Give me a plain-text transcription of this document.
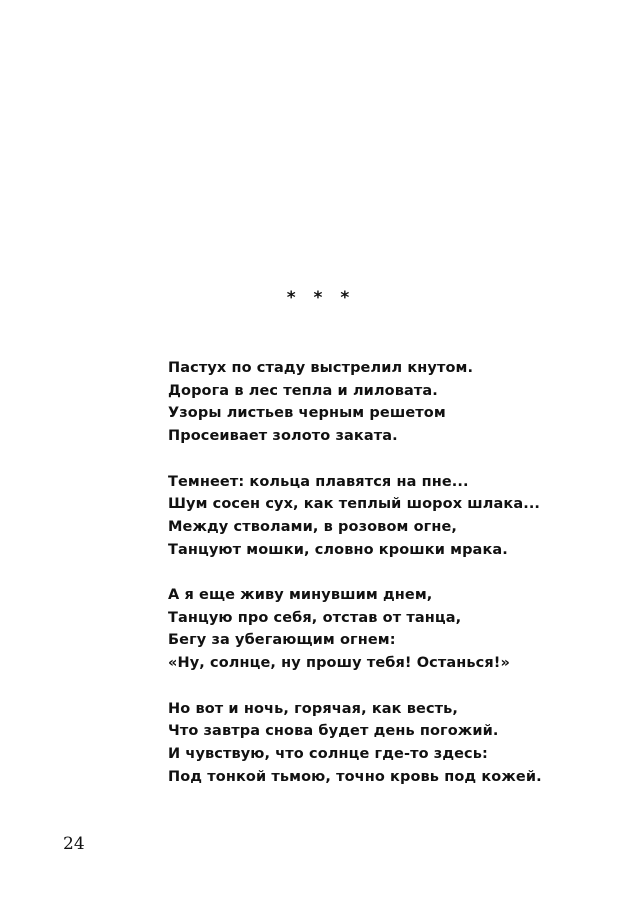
* * *
Пастух по стаду выстрелил кнутом.
Дорога в лес тепла и лиловата.
Узоры листьев черным решетом
Просеивает золото заката.
Темнеет: кольца плавятся на пне...
Шум сосен сух, как теплый шорох шлака...
Между стволами, в розовом огне,
Танцуют мошки, словно крошки мрака.
А я еще живу минувшим днем,
Танцую про себя, отстав от танца,
Бегу за убегающим огнем:
«Ну, солнце, ну прошу тебя! Останься!»
Но вот и ночь, горячая, как весть,
Что завтра снова будет день погожий.
И чувствую, что солнце где-то здесь:
Под тонкой тьмою, точно кровь под кожей.
24
